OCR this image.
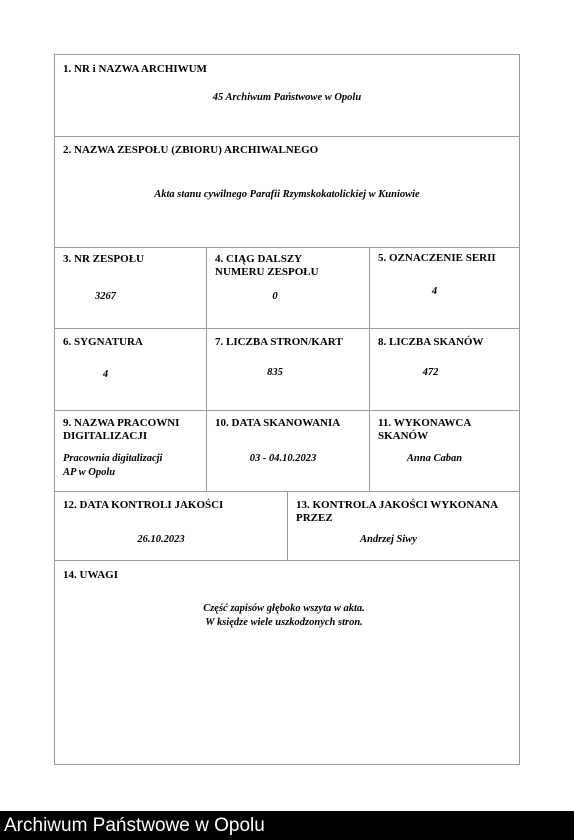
1. NR i NAZWA ARCHIWUM
45 Archiwum Państwowe w Opolu
2. NAZWA ZESPOŁU (ZBIORU) ARCHIWALNEGO
Akta stanu cywilnego Parafii Rzymskokatolickiej w Kuniowie
3. NR ZESPOŁU
3267
4. CIĄG DALSZY
NUMERU ZESPOŁU
0
5. OZNACZENIE SERII
4
6. SYGNATURA
4
7. LICZBA STRON/KART
835
8. LICZBA SKANÓW
472
9. NAZWA PRACOWNI
DIGITALIZACJI
Pracownia digitalizacji
AP w Opolu
10. DATA SKANOWANIA
03 - 04.10.2023
11. WYKONAWCA
SKANÓW
Anna Caban
12. DATA KONTROLI JAKOŚCI
26.10.2023
13. KONTROLA JAKOŚCI WYKONANA
PRZEZ
Andrzej Siwy
14. UWAGI
Część zapisów głęboko wszyta w akta.
W księdze wiele uszkodzonych stron.
Archiwum Państwowe w Opolu
